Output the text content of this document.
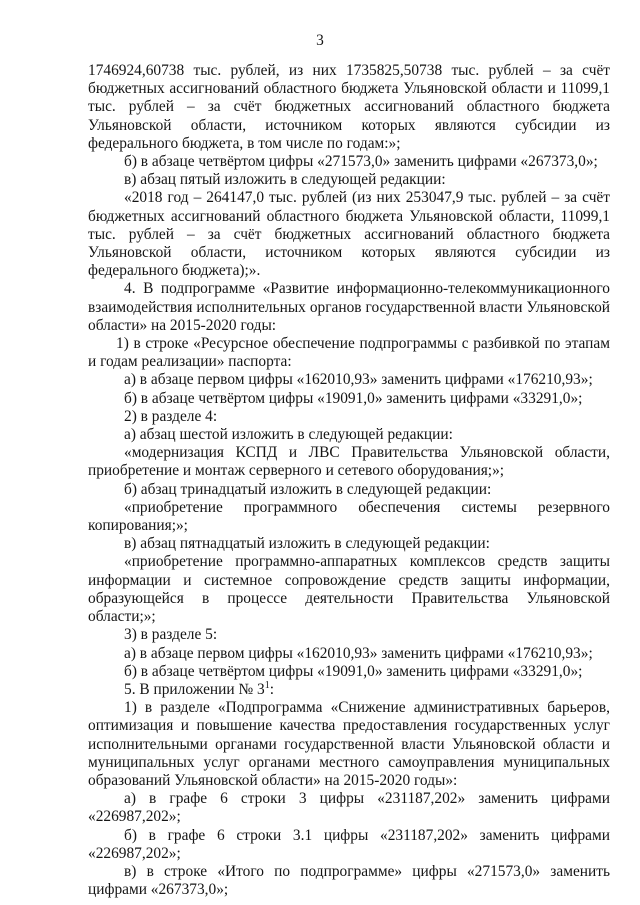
3

1746924,60738 тыс. рублей, из них 1735825,50738 тыс. рублей – за счёт бюджетных ассигнований областного бюджета Ульяновской области и 11099,1 тыс. рублей – за счёт бюджетных ассигнований областного бюджета Ульяновской области, источником которых являются субсидии из федерального бюджета, в том числе по годам:»;

б) в абзаце четвёртом цифры «271573,0» заменить цифрами «267373,0»;

в) абзац пятый изложить в следующей редакции:

«2018 год – 264147,0 тыс. рублей (из них 253047,9 тыс. рублей – за счёт бюджетных ассигнований областного бюджета Ульяновской области, 11099,1 тыс. рублей – за счёт бюджетных ассигнований областного бюджета Ульяновской области, источником которых являются субсидии из федерального бюджета);».

4. В подпрограмме «Развитие информационно-телекоммуникационного взаимодействия исполнительных органов государственной власти Ульяновской области» на 2015-2020 годы:

1) в строке «Ресурсное обеспечение подпрограммы с разбивкой по этапам и годам реализации» паспорта:

а) в абзаце первом цифры «162010,93» заменить цифрами «176210,93»;

б) в абзаце четвёртом цифры «19091,0» заменить цифрами «33291,0»;

2) в разделе 4:

а) абзац шестой изложить в следующей редакции:

«модернизация КСПД и ЛВС Правительства Ульяновской области, приобретение и монтаж серверного и сетевого оборудования;»;

б) абзац тринадцатый изложить в следующей редакции:

«приобретение программного обеспечения системы резервного копирования;»;

в) абзац пятнадцатый изложить в следующей редакции:

«приобретение программно-аппаратных комплексов средств защиты информации и системное сопровождение средств защиты информации, образующейся в процессе деятельности Правительства Ульяновской области;»;

3) в разделе 5:

а) в абзаце первом цифры «162010,93» заменить цифрами «176210,93»;

б) в абзаце четвёртом цифры «19091,0» заменить цифрами «33291,0»;

5. В приложении № $3^1$:

1) в разделе «Подпрограмма «Снижение административных барьеров, оптимизация и повышение качества предоставления государственных услуг исполнительными органами государственной власти Ульяновской области и муниципальных услуг органами местного самоуправления муниципальных образований Ульяновской области» на 2015-2020 годы»:

а) в графе 6 строки 3 цифры «231187,202» заменить цифрами «226987,202»;

б) в графе 6 строки 3.1 цифры «231187,202» заменить цифрами «226987,202»;

в) в строке «Итого по подпрограмме» цифры «271573,0» заменить цифрами «267373,0»;
